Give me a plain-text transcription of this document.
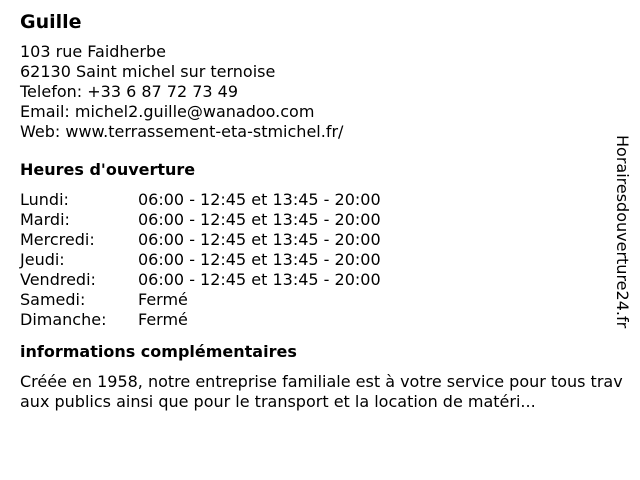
Guille
103 rue Faidherbe
62130 Saint michel sur ternoise
Telefon: +33 6 87 72 73 49
Email: michel2.guille@wanadoo.com
Web: www.terrassement-eta-stmichel.fr/
Heures d'ouverture
Lundi:	06:00 - 12:45 et 13:45 - 20:00
Mardi:	06:00 - 12:45 et 13:45 - 20:00
Mercredi:	06:00 - 12:45 et 13:45 - 20:00
Jeudi:	06:00 - 12:45 et 13:45 - 20:00
Vendredi:	06:00 - 12:45 et 13:45 - 20:00
Samedi:	Fermé
Dimanche:	Fermé
informations complémentaires
Créée en 1958, notre entreprise familiale est à votre service pour tous travaux publics ainsi que pour le transport et la location de matéri...
Horairesdouverture24.fr
